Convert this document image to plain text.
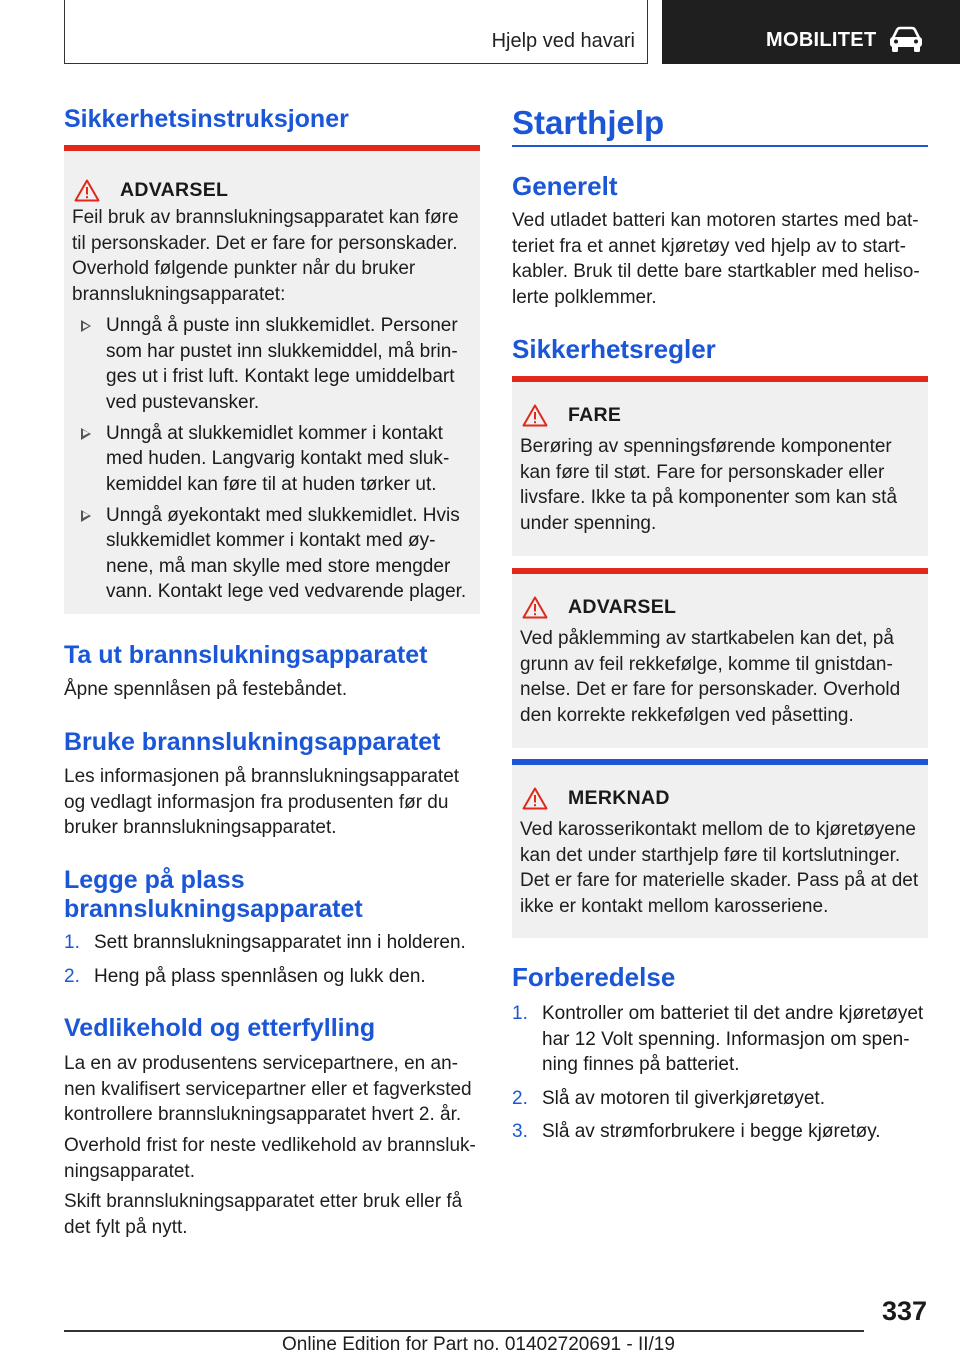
Hjelp ved havari	MOBILITET
Sikkerhetsinstruksjoner
ADVARSEL
Feil bruk av brannslukningsapparatet kan føre til personskader. Det er fare for personskader. Overhold følgende punkter når du bruker brannslukningsapparatet:
Unngå å puste inn slukkemidlet. Personer som har pustet inn slukkemiddel, må bringes ut i frist luft. Kontakt lege umiddelbart ved pustevansker.
Unngå at slukkemidlet kommer i kontakt med huden. Langvarig kontakt med slukkemiddel kan føre til at huden tørker ut.
Unngå øyekontakt med slukkemidlet. Hvis slukkemidlet kommer i kontakt med øynene, må man skylle med store mengder vann. Kontakt lege ved vedvarende plager.
Ta ut brannslukningsapparatet
Åpne spennlåsen på festebåndet.
Bruke brannslukningsapparatet
Les informasjonen på brannslukningsapparatet og vedlagt informasjon fra produsenten før du bruker brannslukningsapparatet.
Legge på plass
brannslukningsapparatet
1. Sett brannslukningsapparatet inn i holderen.
2. Heng på plass spennlåsen og lukk den.
Vedlikehold og etterfylling
La en av produsentens servicepartnere, en annen kvalifisert servicepartner eller et fagverksted kontrollere brannslukningsapparatet hvert 2. år.
Overhold frist for neste vedlikehold av brannslukningsapparatet.
Skift brannslukningsapparatet etter bruk eller få det fylt på nytt.
Starthjelp
Generelt
Ved utladet batteri kan motoren startes med batteriet fra et annet kjøretøy ved hjelp av to startkabler. Bruk til dette bare startkabler med helisolerte polklemmer.
Sikkerhetsregler
FARE
Berøring av spenningsførende komponenter kan føre til støt. Fare for personskader eller livsfare. Ikke ta på komponenter som kan stå under spenning.
ADVARSEL
Ved påklemming av startkabelen kan det, på grunn av feil rekkefølge, komme til gnistdannelse. Det er fare for personskader. Overhold den korrekte rekkefølgen ved påsetting.
MERKNAD
Ved karosserikontakt mellom de to kjøretøyene kan det under starthjelp føre til kortslutninger. Det er fare for materielle skader. Pass på at det ikke er kontakt mellom karosseriene.
Forberedelse
1. Kontroller om batteriet til det andre kjøretøyet har 12 Volt spenning. Informasjon om spenning finnes på batteriet.
2. Slå av motoren til giverkjøretøyet.
3. Slå av strømforbrukere i begge kjøretøy.
337
Online Edition for Part no. 01402720691 - II/19
